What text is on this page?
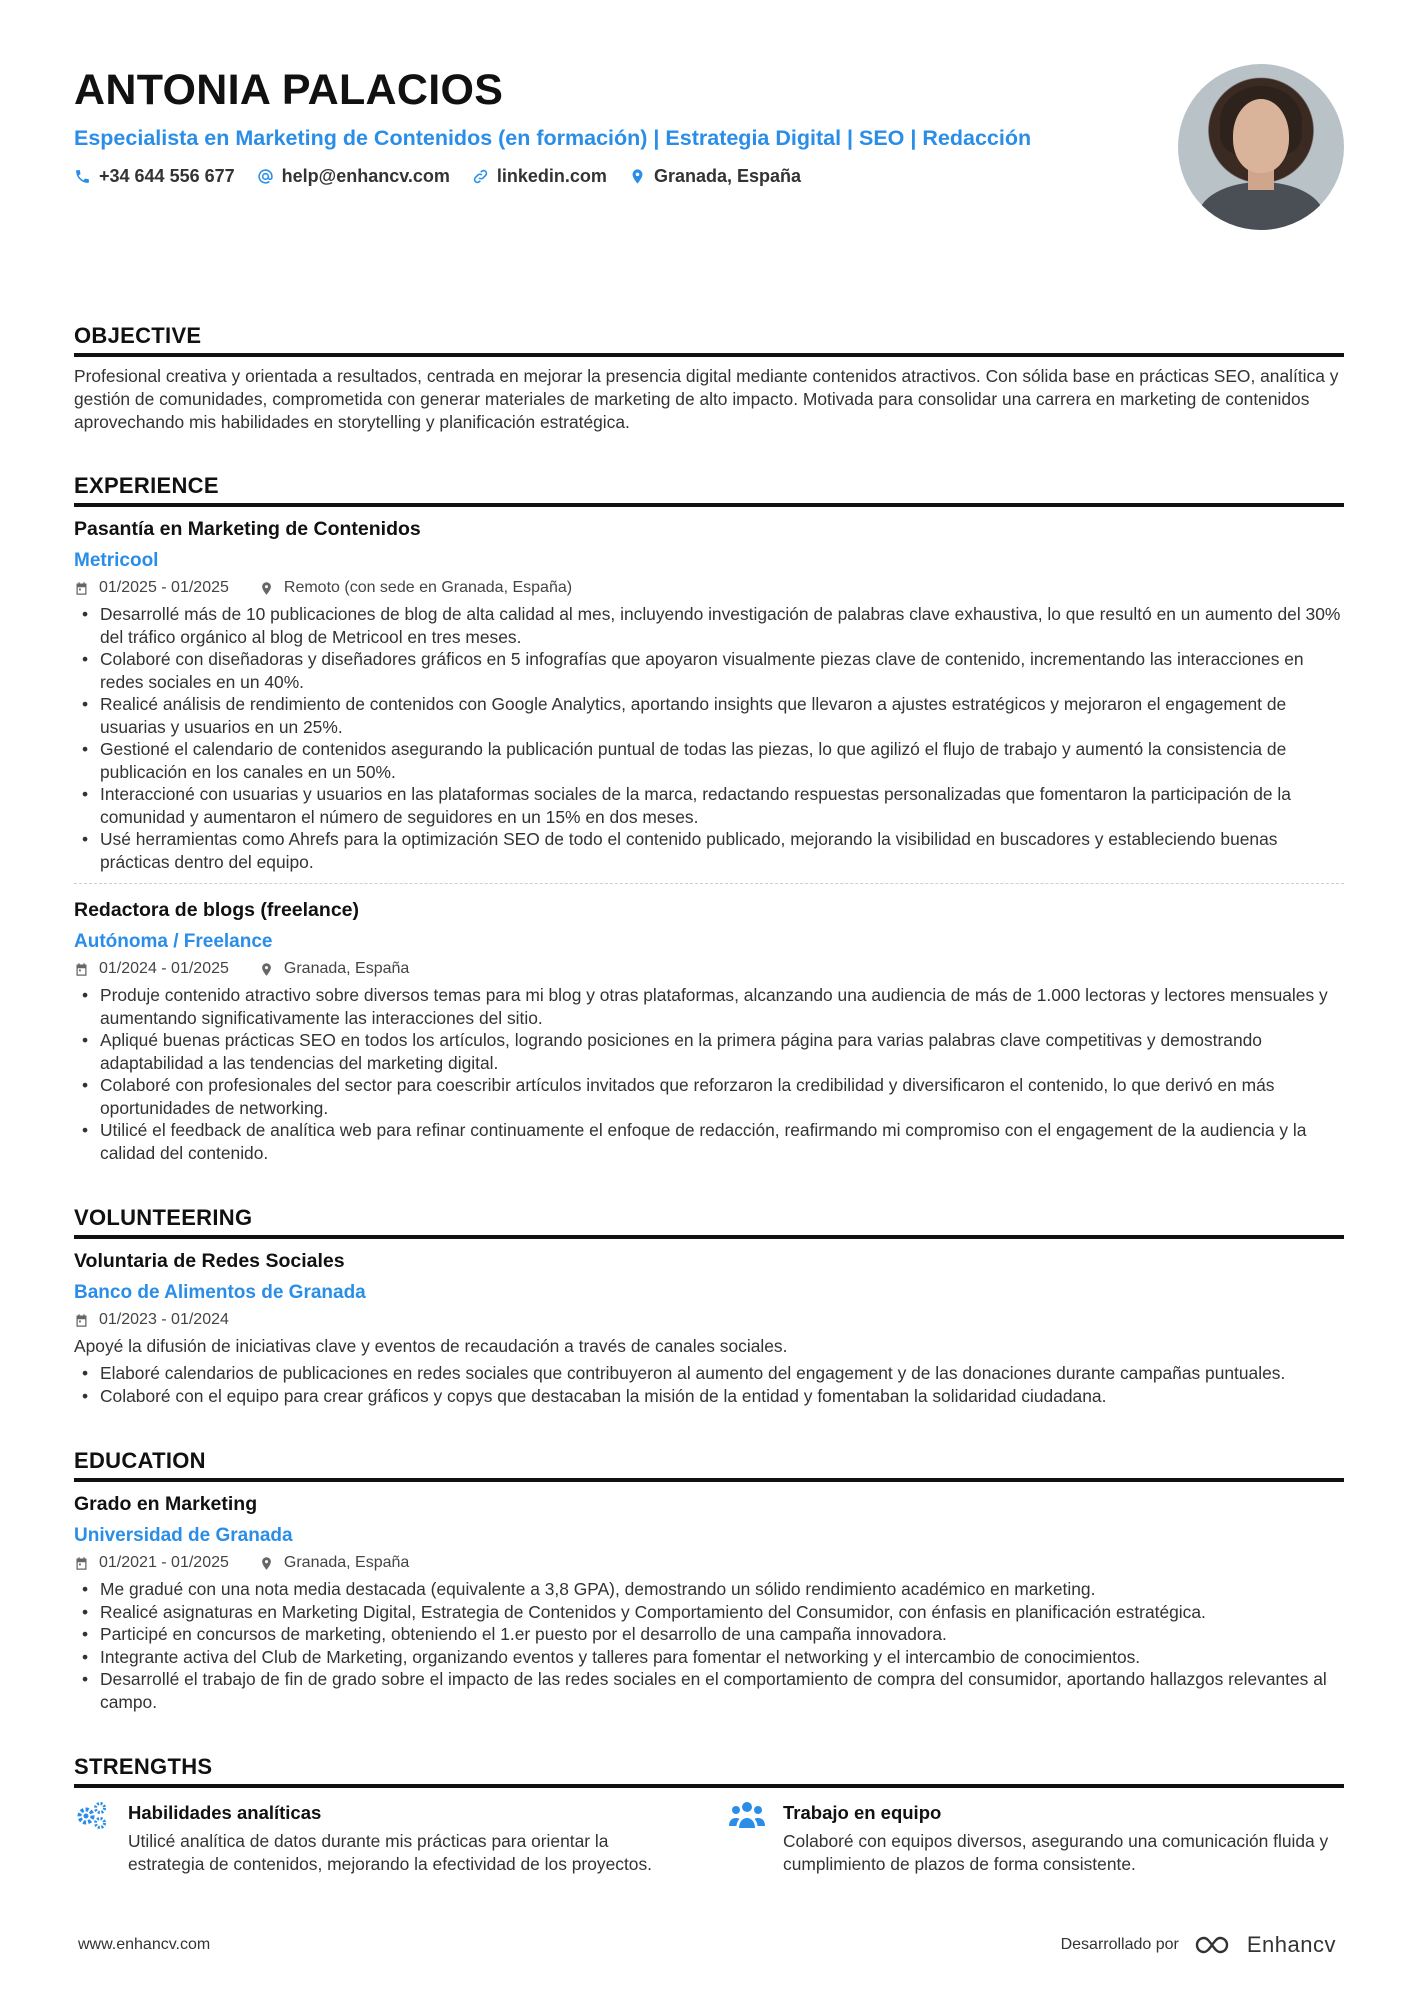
ANTONIA PALACIOS
Especialista en Marketing de Contenidos (en formación) | Estrategia Digital | SEO | Redacción
+34 644 556 677	help@enhancv.com	linkedin.com	Granada, España
OBJECTIVE
Profesional creativa y orientada a resultados, centrada en mejorar la presencia digital mediante contenidos atractivos. Con sólida base en prácticas SEO, analítica y gestión de comunidades, comprometida con generar materiales de marketing de alto impacto. Motivada para consolidar una carrera en marketing de contenidos aprovechando mis habilidades en storytelling y planificación estratégica.
EXPERIENCE
Pasantía en Marketing de Contenidos
Metricool
01/2025 - 01/2025	Remoto (con sede en Granada, España)
• Desarrollé más de 10 publicaciones de blog de alta calidad al mes, incluyendo investigación de palabras clave exhaustiva, lo que resultó en un aumento del 30% del tráfico orgánico al blog de Metricool en tres meses.
• Colaboré con diseñadoras y diseñadores gráficos en 5 infografías que apoyaron visualmente piezas clave de contenido, incrementando las interacciones en redes sociales en un 40%.
• Realicé análisis de rendimiento de contenidos con Google Analytics, aportando insights que llevaron a ajustes estratégicos y mejoraron el engagement de usuarias y usuarios en un 25%.
• Gestioné el calendario de contenidos asegurando la publicación puntual de todas las piezas, lo que agilizó el flujo de trabajo y aumentó la consistencia de publicación en los canales en un 50%.
• Interaccioné con usuarias y usuarios en las plataformas sociales de la marca, redactando respuestas personalizadas que fomentaron la participación de la comunidad y aumentaron el número de seguidores en un 15% en dos meses.
• Usé herramientas como Ahrefs para la optimización SEO de todo el contenido publicado, mejorando la visibilidad en buscadores y estableciendo buenas prácticas dentro del equipo.
Redactora de blogs (freelance)
Autónoma / Freelance
01/2024 - 01/2025	Granada, España
• Produje contenido atractivo sobre diversos temas para mi blog y otras plataformas, alcanzando una audiencia de más de 1.000 lectoras y lectores mensuales y aumentando significativamente las interacciones del sitio.
• Apliqué buenas prácticas SEO en todos los artículos, logrando posiciones en la primera página para varias palabras clave competitivas y demostrando adaptabilidad a las tendencias del marketing digital.
• Colaboré con profesionales del sector para coescribir artículos invitados que reforzaron la credibilidad y diversificaron el contenido, lo que derivó en más oportunidades de networking.
• Utilicé el feedback de analítica web para refinar continuamente el enfoque de redacción, reafirmando mi compromiso con el engagement de la audiencia y la calidad del contenido.
VOLUNTEERING
Voluntaria de Redes Sociales
Banco de Alimentos de Granada
01/2023 - 01/2024
Apoyé la difusión de iniciativas clave y eventos de recaudación a través de canales sociales.
• Elaboré calendarios de publicaciones en redes sociales que contribuyeron al aumento del engagement y de las donaciones durante campañas puntuales.
• Colaboré con el equipo para crear gráficos y copys que destacaban la misión de la entidad y fomentaban la solidaridad ciudadana.
EDUCATION
Grado en Marketing
Universidad de Granada
01/2021 - 01/2025	Granada, España
• Me gradué con una nota media destacada (equivalente a 3,8 GPA), demostrando un sólido rendimiento académico en marketing.
• Realicé asignaturas en Marketing Digital, Estrategia de Contenidos y Comportamiento del Consumidor, con énfasis en planificación estratégica.
• Participé en concursos de marketing, obteniendo el 1.er puesto por el desarrollo de una campaña innovadora.
• Integrante activa del Club de Marketing, organizando eventos y talleres para fomentar el networking y el intercambio de conocimientos.
• Desarrollé el trabajo de fin de grado sobre el impacto de las redes sociales en el comportamiento de compra del consumidor, aportando hallazgos relevantes al campo.
STRENGTHS
Habilidades analíticas
Utilicé analítica de datos durante mis prácticas para orientar la estrategia de contenidos, mejorando la efectividad de los proyectos.
Trabajo en equipo
Colaboré con equipos diversos, asegurando una comunicación fluida y cumplimiento de plazos de forma consistente.
www.enhancv.com	Desarrollado por	Enhancv
